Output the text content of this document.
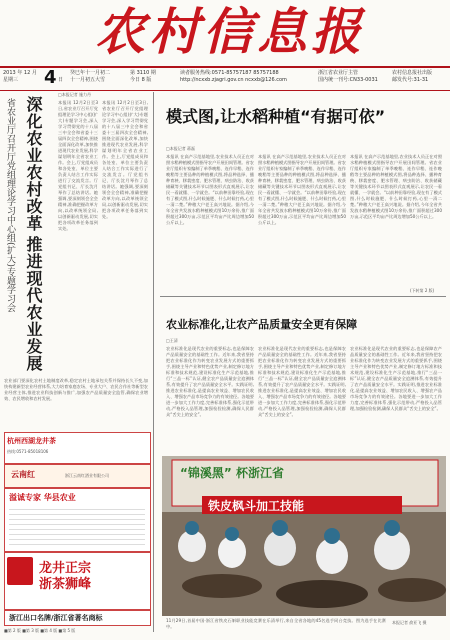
农村信息报
2013 年 12 月
星期三 4 日
癸巳年十一月初二
十一月初五大雪
第 3110 期
今日 8 版
读者服务热线:0571-85757187 85757188
http://ncxxb.zjagri.gov.cn ncxxb@126.com
浙江省农业厅主管
国内统一刊号:CN33-0031
农村信息报社出版
邮发代号:31-31
□本报记者 施力丹
深化农业农村改革
推进现代农业发展
省农业厅召开厅党组理论学习中心组(扩大)专题学习会	本报讯 12月2日至3日,省农业厅召开厅党组理论学习中心组(扩大)专题学习会,深入学习贯彻党的十八届三中全会和省委十三届四次全会精神,围绕全面深化改革,加快推进现代农业发展,科学谋划明年全省农业工作。会上,厅党组成员和各处室、单位主要负责人结合工作实际进行了交流发言。厅党组书记、厅长沈月琴作了总结讲话。她强调,要深刻领会全会精神,准确把握改革方向,以改革统领全局,以创新驱动发展,切实把各项改革任务落到实处。
本报讯 12月2日至3日,省农业厅召开厅党组理论学习中心组(扩大)专题学习会,深入学习贯彻党的十八届三中全会和省委十三届四次全会精神,围绕全面深化改革,加快推进现代农业发展,科学谋划明年全省农业工作。会上,厅党组成员和各处室、单位主要负责人结合工作实际进行了交流发言。厅党组书记、厅长沈月琴作了总结讲话。她强调,要深刻领会全会精神,准确把握改革方向,以改革统领全局,以创新驱动发展,切实把各项改革任务落到实处。
农业部门要深化农村土地制度改革,稳定农村土地承包关系并保持长久不变,加快构建新型农业经营体系,大力培育家庭农场、专业大户、农民合作社等新型农业经营主体,推进农业科技创新与推广,加强农产品质量安全监管,确保农业增效、农民增收和农村发展。
杭州西湖龙井茶
热线:0571-85018106
云南红	浙江云南红酒业有限公司
溢诚专家 华县农业
龙井正宗
浙茶狮峰
浙江出口名牌/浙江省著名商标
■第 2 版 ■第 3 版 ■第 4 版 ■第 5 版
模式图,让水稻种植“有据可依”
□本报记者 蒋磊
本报讯 在高产示范基地里,农业技术人员正在对照水稻种植模式图指导农户开展田间管理。省农业厅组织专家编制了单季晚稻、连作早稻、连作晚稻等主要品种的种植模式图,将品种选择、播种育秧、移栽密度、肥水管理、病虫防治、收获储藏等关键技术环节以图表形式直观展示,让农民一看就懂、一学就会。“以前种田靠经验,现在有了模式图,什么时候施肥、什么时候打药,心里一清二楚。”种粮大户老王高兴地说。据介绍,今年全省共发放水稻种植模式图10万余份,推广面积超过300万亩,示范区平均亩产比周边增加50公斤以上。
本报讯 在高产示范基地里,农业技术人员正在对照水稻种植模式图指导农户开展田间管理。省农业厅组织专家编制了单季晚稻、连作早稻、连作晚稻等主要品种的种植模式图,将品种选择、播种育秧、移栽密度、肥水管理、病虫防治、收获储藏等关键技术环节以图表形式直观展示,让农民一看就懂、一学就会。“以前种田靠经验,现在有了模式图,什么时候施肥、什么时候打药,心里一清二楚。”种粮大户老王高兴地说。据介绍,今年全省共发放水稻种植模式图10万余份,推广面积超过300万亩,示范区平均亩产比周边增加50公斤以上。
本报讯 在高产示范基地里,农业技术人员正在对照水稻种植模式图指导农户开展田间管理。省农业厅组织专家编制了单季晚稻、连作早稻、连作晚稻等主要品种的种植模式图,将品种选择、播种育秧、移栽密度、肥水管理、病虫防治、收获储藏等关键技术环节以图表形式直观展示,让农民一看就懂、一学就会。“以前种田靠经验,现在有了模式图,什么时候施肥、什么时候打药,心里一清二楚。”种粮大户老王高兴地说。据介绍,今年全省共发放水稻种植模式图10万余份,推广面积超过300万亩,示范区平均亩产比周边增加50公斤以上。
(下转第 2 版)
农业标准化,让农产品质量安全更有保障
□王清
农业标准化是现代农业的重要标志,也是保障农产品质量安全的基础性工作。近年来,我省坚持把农业标准化作为转变农业发展方式的重要抓手,围绕主导产业和特色优势产业,制定修订地方标准和技术规范,建设标准化生产示范基地,推行“三品一标”认证,健全农产品质量安全追溯体系,有效提升了农产品质量安全水平。实践证明,推进农业标准化,是提高农业效益、增加农民收入、增强农产品市场竞争力的有效途径。各地要进一步加大工作力度,完善标准体系,强化示范带动,严格投入品管理,加强检验检测,确保人民群众“舌尖上的安全”。
农业标准化是现代农业的重要标志,也是保障农产品质量安全的基础性工作。近年来,我省坚持把农业标准化作为转变农业发展方式的重要抓手,围绕主导产业和特色优势产业,制定修订地方标准和技术规范,建设标准化生产示范基地,推行“三品一标”认证,健全农产品质量安全追溯体系,有效提升了农产品质量安全水平。实践证明,推进农业标准化,是提高农业效益、增加农民收入、增强农产品市场竞争力的有效途径。各地要进一步加大工作力度,完善标准体系,强化示范带动,严格投入品管理,加强检验检测,确保人民群众“舌尖上的安全”。
农业标准化是现代农业的重要标志,也是保障农产品质量安全的基础性工作。近年来,我省坚持把农业标准化作为转变农业发展方式的重要抓手,围绕主导产业和特色优势产业,制定修订地方标准和技术规范,建设标准化生产示范基地,推行“三品一标”认证,健全农产品质量安全追溯体系,有效提升了农产品质量安全水平。实践证明,推进农业标准化,是提高农业效益、增加农民收入、增强农产品市场竞争力的有效途径。各地要进一步加大工作力度,完善标准体系,强化示范带动,严格投入品管理,加强检验检测,确保人民群众“舌尖上的安全”。
“锦溪黑” 杯浙江省
铁皮枫斗加工技能
11月29日,首届中国·浙江省铁皮石斛职业技能竞赛在乐清举行,来自全省各地的45名选手同台竞技。图为选手在比赛中。
本报记者 俞亚飞 摄
